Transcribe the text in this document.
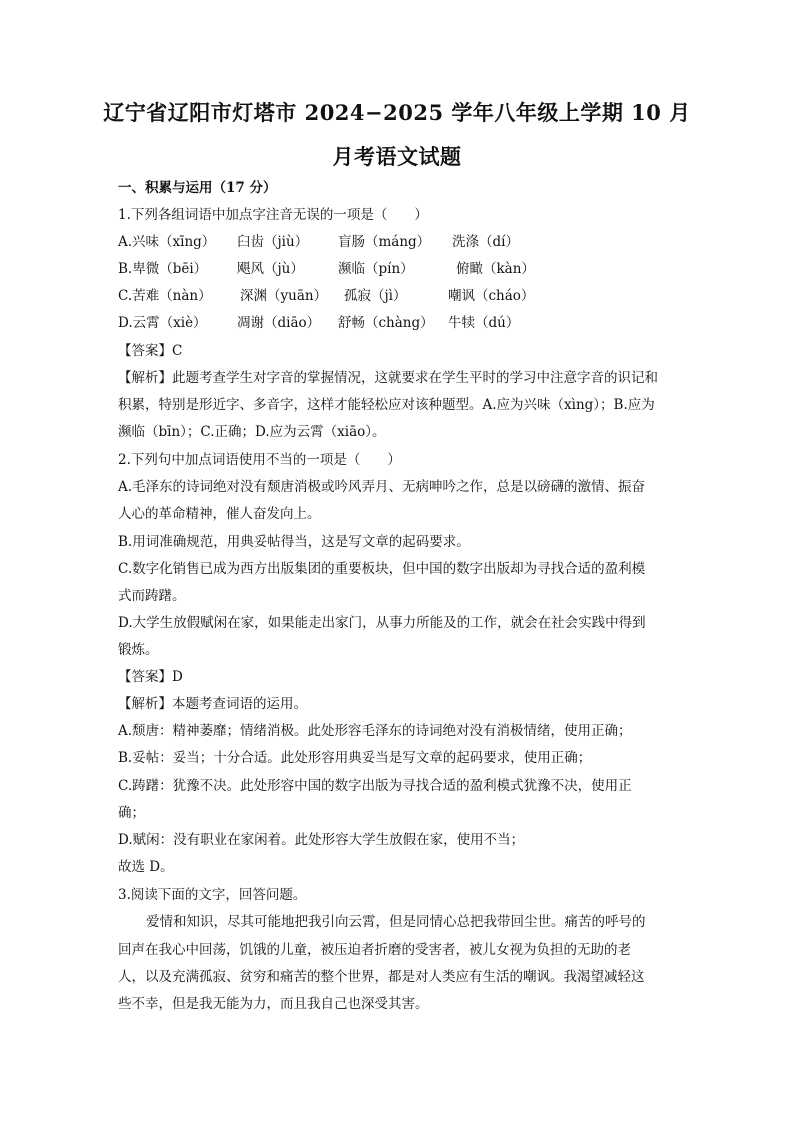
辽宁省辽阳市灯塔市 2024−2025 学年八年级上学期 10 月
月考语文试题
一、积累与运用（17 分）
1.下列各组词语中加点字注音无误的一项是（　　）
A.兴味（xīng） 臼齿（jiù） 盲肠（máng） 洗涤（dí）
B.卑微（bēi） 飓风（jù）	濒临（pín）	俯瞰（kàn）
C.苦难（nàn） 深渊（yuān） 孤寂（jì）	嘲讽（cháo）
D.云霄（xiè） 凋谢（diāo） 舒畅（chàng） 牛犊（dú）
【答案】C
【解析】此题考查学生对字音的掌握情况，这就要求在学生平时的学习中注意字音的识记和
积累，特别是形近字、多音字，这样才能轻松应对该种题型。A.应为兴味（xìng）；B.应为
濒临（bīn）；C.正确；D.应为云霄（xiāo）。
2.下列句中加点词语使用不当的一项是（　　）
A.毛泽东的诗词绝对没有颓唐消极或吟风弄月、无病呻吟之作，总是以磅礴的激情、振奋
人心的革命精神，催人奋发向上。
B.用词准确规范，用典妥帖得当，这是写文章的起码要求。
C.数字化销售已成为西方出版集团的重要板块，但中国的数字出版却为寻找合适的盈利模
式而踌躇。
D.大学生放假赋闲在家，如果能走出家门，从事力所能及的工作，就会在社会实践中得到
锻炼。
【答案】D
【解析】本题考查词语的运用。
A.颓唐：精神萎靡；情绪消极。此处形容毛泽东的诗词绝对没有消极情绪，使用正确；
B.妥帖：妥当；十分合适。此处形容用典妥当是写文章的起码要求，使用正确；
C.踌躇：犹豫不决。此处形容中国的数字出版为寻找合适的盈利模式犹豫不决，使用正
确；
D.赋闲：没有职业在家闲着。此处形容大学生放假在家，使用不当；
故选 D。
3.阅读下面的文字，回答问题。
爱情和知识，尽其可能地把我引向云霄，但是同情心总把我带回尘世。痛苦的呼号的
回声在我心中回荡，饥饿的儿童，被压迫者折磨的受害者，被儿女视为负担的无助的老
人，以及充满孤寂、贫穷和痛苦的整个世界，都是对人类应有生活的嘲讽。我渴望减轻这
些不幸，但是我无能为力，而且我自己也深受其害。
